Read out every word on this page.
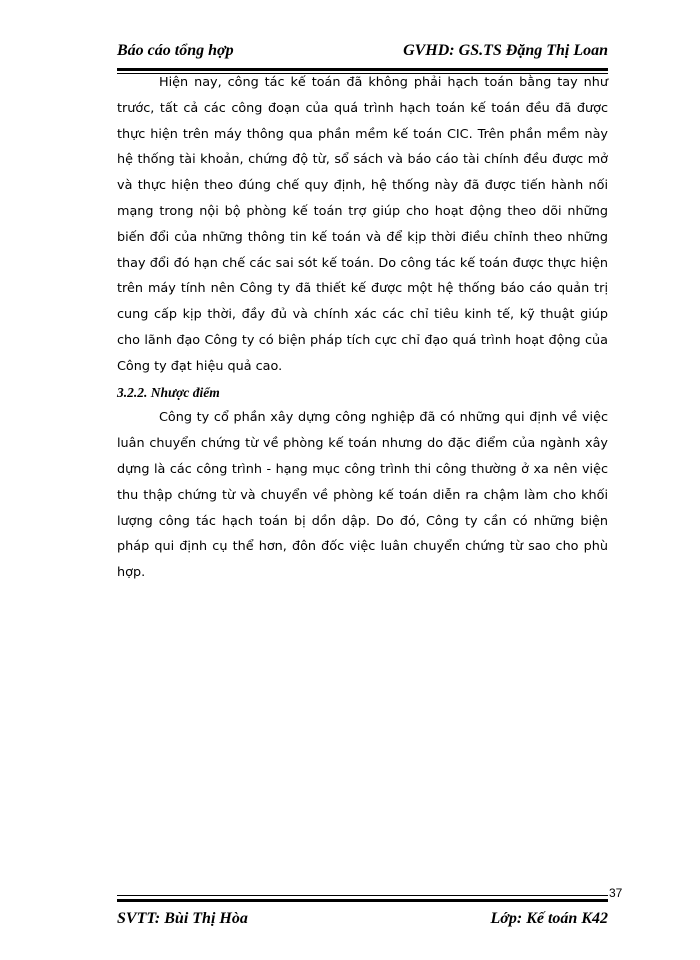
Báo cáo tổng hợp	GVHD: GS.TS Đặng Thị Loan

Hiện nay, công tác kế toán đã không phải hạch toán bằng tay như trước, tất cả các công đoạn của quá trình hạch toán kế toán đều đã được thực hiện trên máy thông qua phần mềm kế toán CIC. Trên phần mềm này hệ thống tài khoản, chứng độ từ, sổ sách và báo cáo tài chính đều được mở và thực hiện theo đúng chế quy định, hệ thống này đã được tiến hành nối mạng trong nội bộ phòng kế toán trợ giúp cho hoạt động theo dõi những biến đổi của những thông tin kế toán và để kịp thời điều chỉnh theo những thay đổi đó hạn chế các sai sót kế toán. Do công tác kế toán được thực hiện trên máy tính nên Công ty đã thiết kế được một hệ thống báo cáo quản trị cung cấp kịp thời, đầy đủ và chính xác các chỉ tiêu kinh tế, kỹ thuật giúp cho lãnh đạo Công ty có biện pháp tích cực chỉ đạo quá trình hoạt động của Công ty đạt hiệu quả cao.

3.2.2. Nhược điểm

Công ty cổ phần xây dựng công nghiệp đã có những qui định về việc luân chuyển chứng từ về phòng kế toán nhưng do đặc điểm của ngành xây dựng là các công trình - hạng mục công trình thi công thường ở xa nên việc thu thập chứng từ và chuyển về phòng kế toán diễn ra chậm làm cho khối lượng công tác hạch toán bị dồn dập. Do đó, Công ty cần có những biện pháp qui định cụ thể hơn, đôn đốc việc luân chuyển chứng từ sao cho phù hợp.

37
SVTT: Bùi Thị Hòa	Lớp: Kế toán K42
